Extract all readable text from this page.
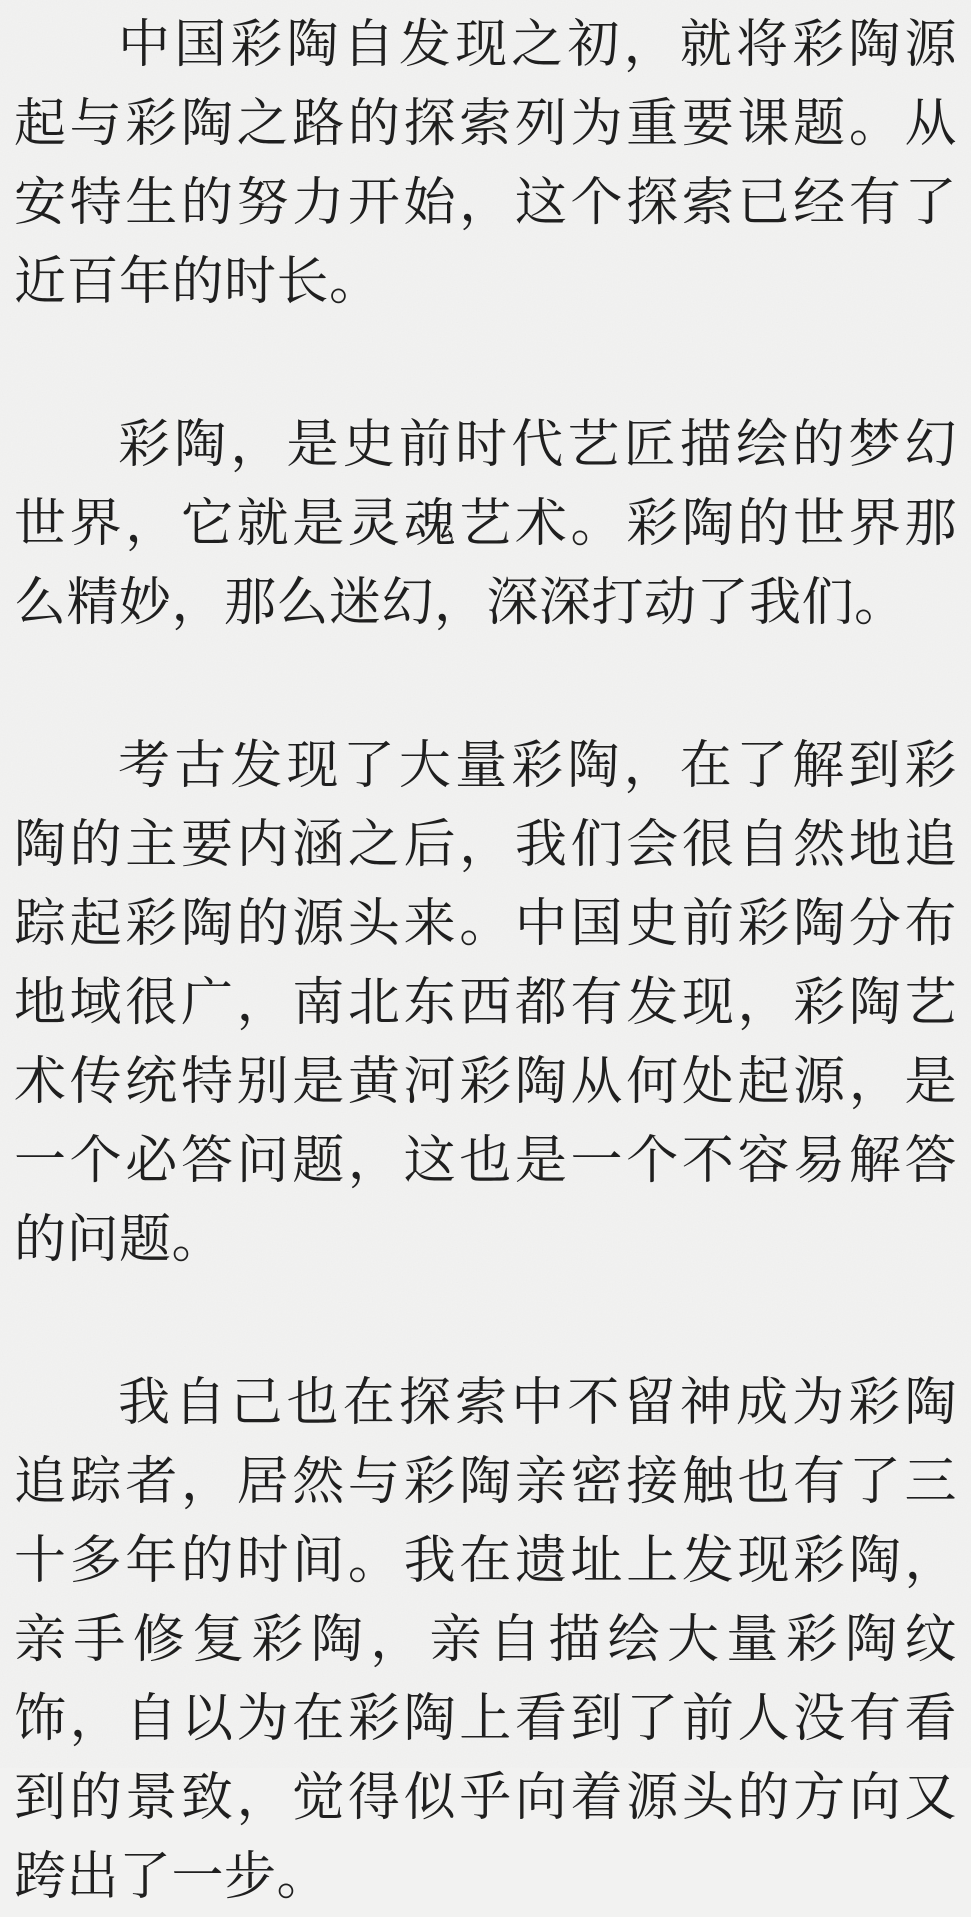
中国彩陶自发现之初，就将彩陶源起与彩陶之路的探索列为重要课题。从安特生的努力开始，这个探索已经有了近百年的时长。

彩陶，是史前时代艺匠描绘的梦幻世界，它就是灵魂艺术。彩陶的世界那么精妙，那么迷幻，深深打动了我们。

考古发现了大量彩陶，在了解到彩陶的主要内涵之后，我们会很自然地追踪起彩陶的源头来。中国史前彩陶分布地域很广，南北东西都有发现，彩陶艺术传统特别是黄河彩陶从何处起源，是一个必答问题，这也是一个不容易解答的问题。

我自己也在探索中不留神成为彩陶追踪者，居然与彩陶亲密接触也有了三十多年的时间。我在遗址上发现彩陶，亲手修复彩陶，亲自描绘大量彩陶纹饰，自以为在彩陶上看到了前人没有看到的景致，觉得似乎向着源头的方向又跨出了一步。
